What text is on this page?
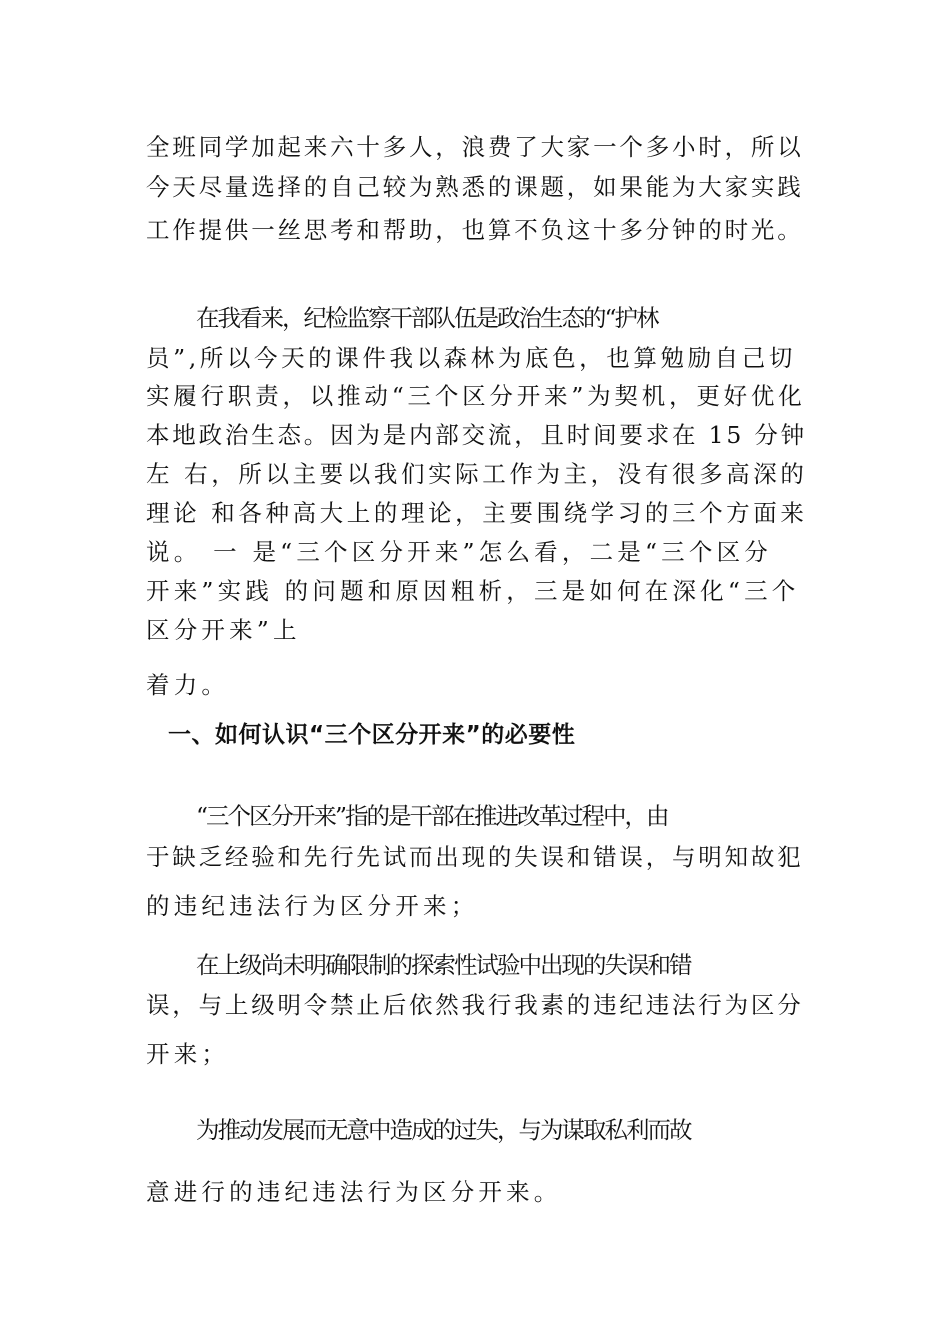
全班同学加起来六十多人，浪费了大家一个多小时，所以
今天尽量选择的自己较为熟悉的课题，如果能为大家实践
工作提供一丝思考和帮助，也算不负这十多分钟的时光。
在我看来，纪检监察干部队伍是政治生态的“护林
员”,所以今天的课件我以森林为底色，也算勉励自己切
实履行职责，以推动“三个区分开来”为契机，更好优化
本地政治生态。因为是内部交流，且时间要求在 15 分钟
左 右，所以主要以我们实际工作为主，没有很多高深的
理论 和各种高大上的理论，主要围绕学习的三个方面来
说。 一 是“三个区分开来”怎么看，二是“三个区分
开来”实践 的问题和原因粗析，三是如何在深化“三个
区分开来”上
着力。
一、如何认识“三个区分开来”的必要性
“三个区分开来”指的是干部在推进改革过程中，由
于缺乏经验和先行先试而出现的失误和错误，与明知故犯
的违纪违法行为区分开来；
在上级尚未明确限制的探索性试验中出现的失误和错
误，与上级明令禁止后依然我行我素的违纪违法行为区分
开来；
为推动发展而无意中造成的过失，与为谋取私利而故
意进行的违纪违法行为区分开来。
